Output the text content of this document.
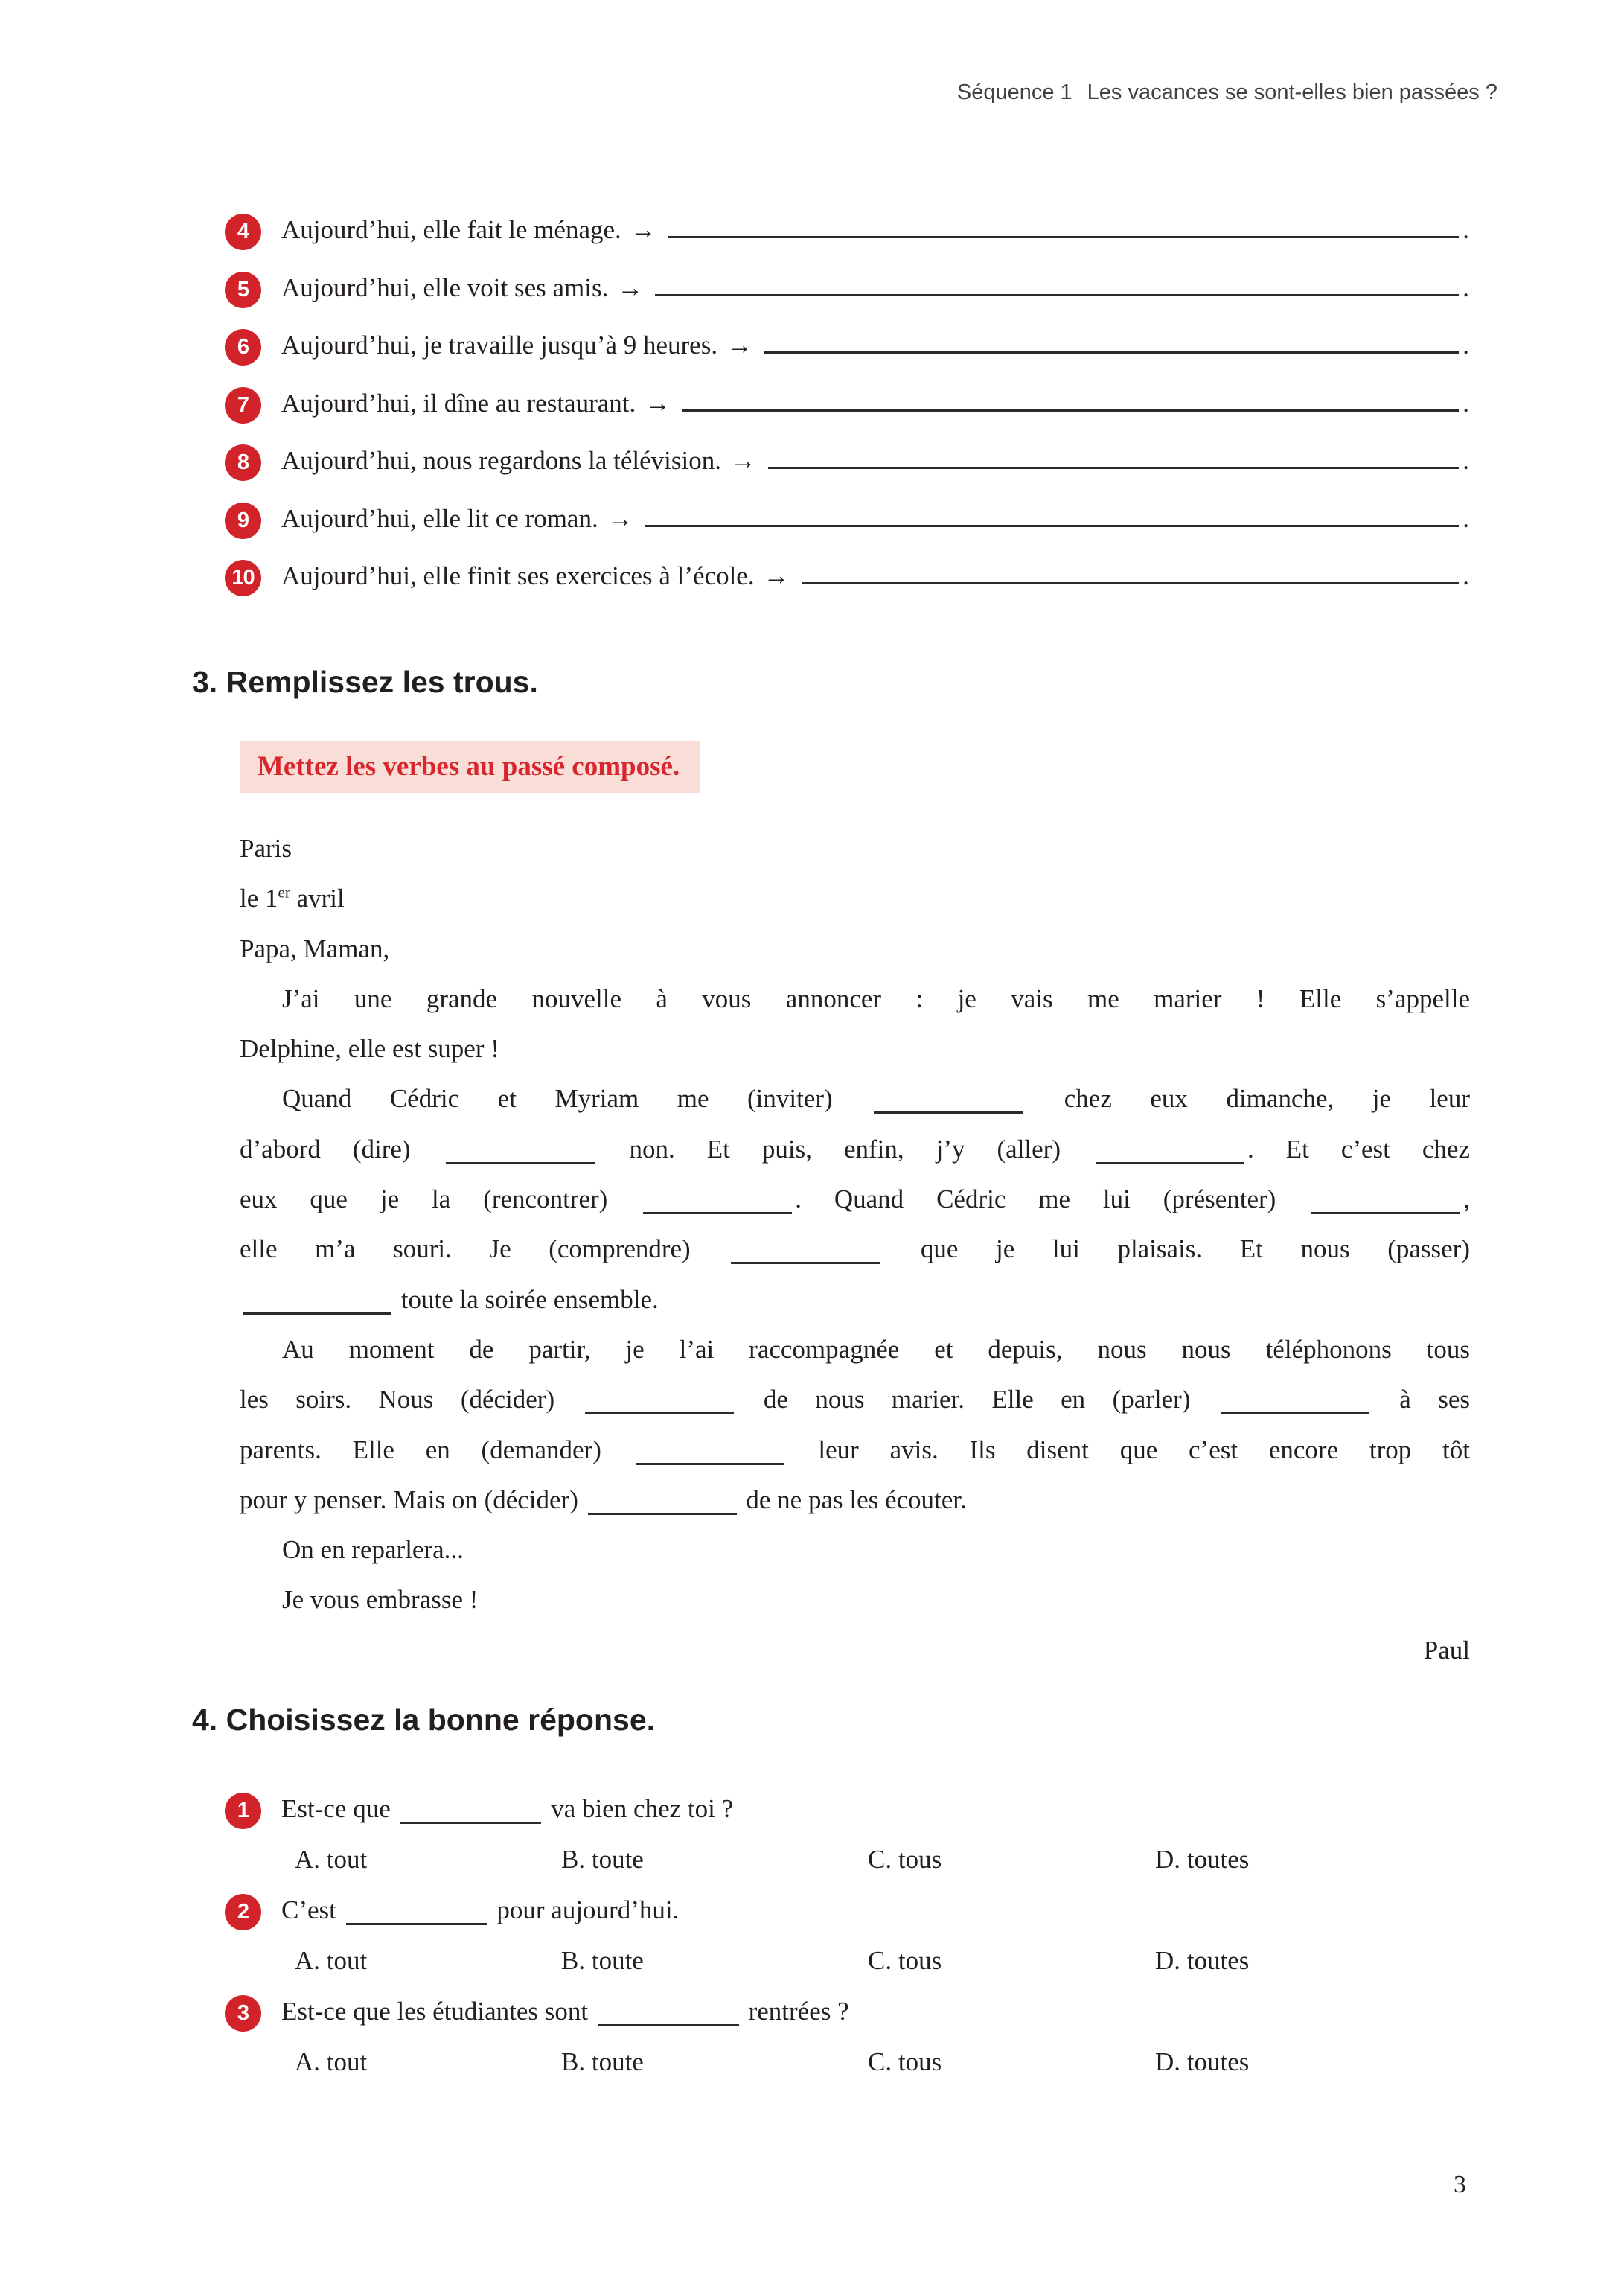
Séquence 1 Les vacances se sont-elles bien passées ?
4	Aujourd’hui, elle fait le ménage. →	.
5	Aujourd’hui, elle voit ses amis. →	.
6	Aujourd’hui, je travaille jusqu’à 9 heures. →	.
7	Aujourd’hui, il dîne au restaurant. →	.
8	Aujourd’hui, nous regardons la télévision. →	.
9	Aujourd’hui, elle lit ce roman. →	.
10 Aujourd’hui, elle finit ses exercices à l’école. →	.
3. Remplissez les trous.
Mettez les verbes au passé composé.
Paris
le 1er avril
Papa, Maman,
J’ai une grande nouvelle à vous annoncer : je vais me marier ! Elle s’appelle
Delphine, elle est super !
Quand Cédric et Myriam me (inviter)	chez eux dimanche, je leur
d’abord (dire)	non. Et puis, enfin, j’y (aller)	. Et c’est chez
eux que je la (rencontrer)	. Quand Cédric me lui (présenter)	,
elle m’a souri. Je (comprendre)	que je lui plaisais. Et nous (passer)
toute la soirée ensemble.
Au moment de partir, je l’ai raccompagnée et depuis, nous nous téléphonons tous
les soirs. Nous (décider)	de nous marier. Elle en (parler)	à ses
parents. Elle en (demander)	leur avis. Ils disent que c’est encore trop tôt
pour y penser. Mais on (décider)	de ne pas les écouter.
On en reparlera...
Je vous embrasse !
Paul
4. Choisissez la bonne réponse.
1	Est-ce que	va bien chez toi ?
A. tout	B. toute	C. tous	D. toutes
2	C’est	pour aujourd’hui.
A. tout	B. toute	C. tous	D. toutes
3	Est-ce que les étudiantes sont	rentrées ?
A. tout	B. toute	C. tous	D. toutes
3
